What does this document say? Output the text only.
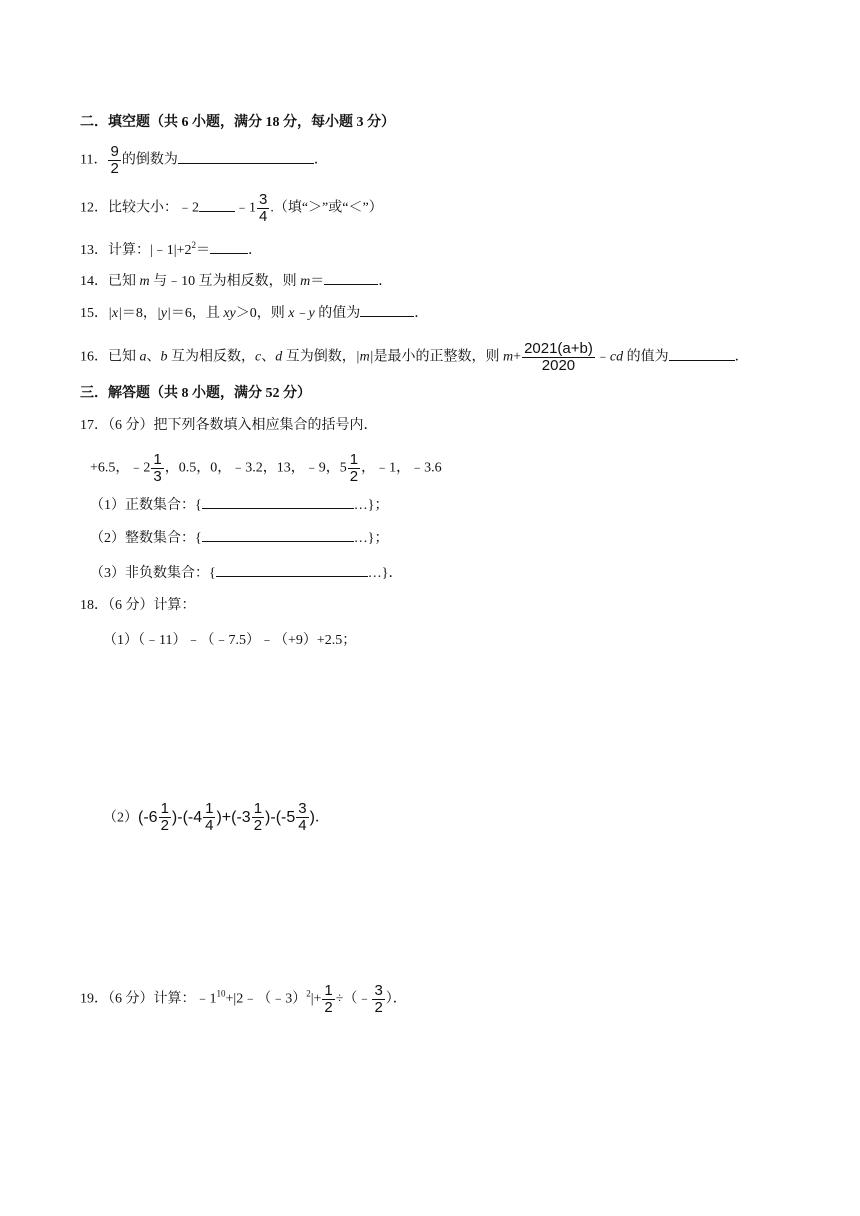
二．填空题（共 6 小题，满分 18 分，每小题 3 分）
11． $\frac{9}{2}$ 的倒数为	．
12．比较大小：﹣2	﹣1 $\frac{3}{4}$ .（填“＞”或“＜”）
13．计算：$|﹣1|+2^2=$	．
14．已知 m 与﹣10 互为相反数，则 m＝	．
15．|x|＝8，|y|＝6，且 xy＞0，则 x﹣y 的值为	．
16．已知 a、b 互为相反数，c、d 互为倒数，|m|是最小的正整数，则 $m+ \frac{2021(a+b)}{2020}$ ﹣cd 的值为	．
三．解答题（共 8 小题，满分 52 分）
17．（6 分）把下列各数填入相应集合的括号内．
+6.5，﹣2 $\frac{1}{3}$ ，0.5，0，﹣3.2，13，﹣9，$5 \frac{1}{2}$ ，﹣1，﹣3.6
（1）正数集合：{	…}；
（2）整数集合：{	…}；
（3）非负数集合：{	…}．
18．（6 分）计算：
（1）（﹣11）﹣（﹣7.5）﹣（+9）+2.5；
$(2)(-6 \frac{1}{2} )-(-4 \frac{1}{4} )+(-3 \frac{1}{2} )-(-5 \frac{3}{4}$ )．
19．（6 分）计算：$﹣1^{10}+|2﹣(﹣3)^2|+ \frac{1}{2}$ ÷（﹣ $\frac{3}{2}$ ）．
